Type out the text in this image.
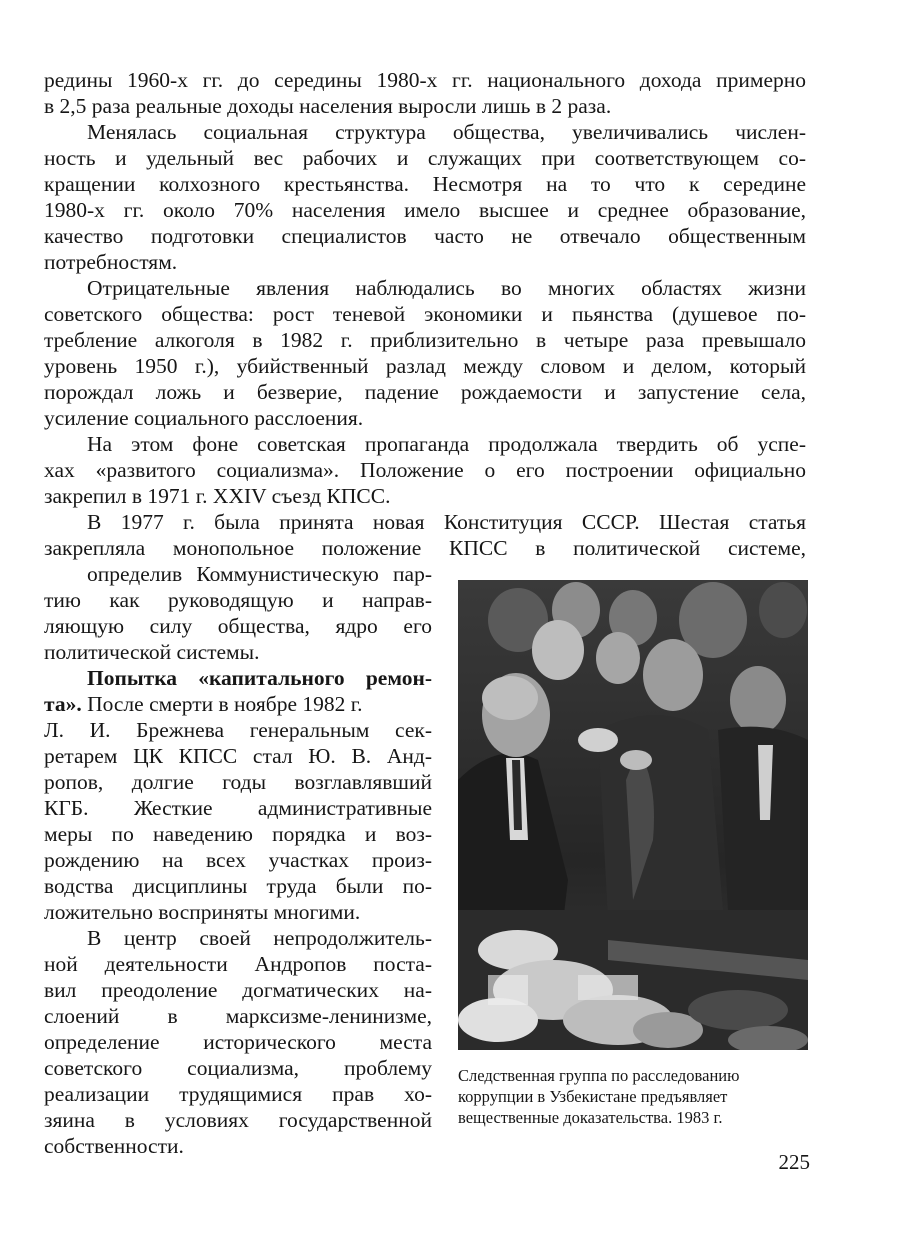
редины 1960-х гг. до середины 1980-х гг. национального дохода примерно
в 2,5 раза реальные доходы населения выросли лишь в 2 раза.
Менялась социальная структура общества, увеличивались числен-
ность и удельный вес рабочих и служащих при соответствующем со-
кращении колхозного крестьянства. Несмотря на то что к середине
1980-х гг. около 70% населения имело высшее и среднее образование,
качество подготовки специалистов часто не отвечало общественным
потребностям.
Отрицательные явления наблюдались во многих областях жизни
советского общества: рост теневой экономики и пьянства (душевое по-
требление алкоголя в 1982 г. приблизительно в четыре раза превышало
уровень 1950 г.), убийственный разлад между словом и делом, который
порождал ложь и безверие, падение рождаемости и запустение села,
усиление социального расслоения.
На этом фоне советская пропаганда продолжала твердить об успе-
хах «развитого социализма». Положение о его построении официально
закрепил в 1971 г. XXIV съезд КПСС.
В 1977 г. была принята новая Конституция СССР. Шестая статья
закрепляла монопольное положение КПСС в политической системе,
определив Коммунистическую пар-
тию как руководящую и направ-
ляющую силу общества, ядро его
политической системы.
Попытка «капитального ремон-
та». После смерти в ноябре 1982 г.
Л. И. Брежнева генеральным сек-
ретарем ЦК КПСС стал Ю. В. Анд-
ропов, долгие годы возглавлявший
КГБ. Жесткие административные
меры по наведению порядка и воз-
рождению на всех участках произ-
водства дисциплины труда были по-
ложительно восприняты многими.
В центр своей непродолжитель-
ной деятельности Андропов поста-
вил преодоление догматических на-
слоений в марксизме-ленинизме,
определение исторического места
советского социализма, проблему
реализации трудящимися прав хо-
зяина в условиях государственной
собственности.
Следственная группа по расследованию
коррупции в Узбекистане предъявляет
вещественные доказательства. 1983 г.
225
